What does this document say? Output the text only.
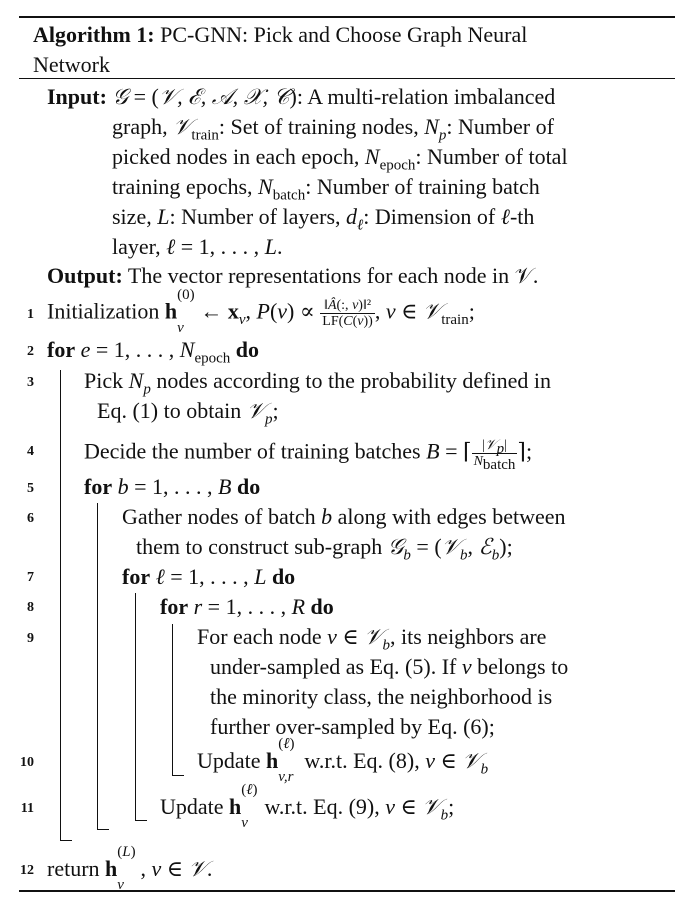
Algorithm 1: PC-GNN: Pick and Choose Graph Neural
Network
Input: 𝒢 = (𝒱, ℰ, 𝒜, 𝒳, 𝒞): A multi-relation imbalanced
graph, 𝒱$_{train}$: Set of training nodes, $N_p$: Number of
picked nodes in each epoch, $N_{epoch}$: Number of total
training epochs, $N_{batch}$: Number of training batch
size, L: Number of layers, $d_\ell$: Dimension of ℓ-th
layer, ℓ = 1, . . . , L.
Output: The vector representations for each node in 𝒱.
1
2
3
4
5
6
7
8
9
10
11
12
Initialization h
(0)
$_v$   ← $x_v$, $P(v) \propto \frac{\text{‖Â(:, v)‖²}}{LF(C(v))}$ , v ∈ 𝒱$_{train}$;
for e = 1, . . . , $N_{epoch}$ do
Pick $N_p$ nodes according to the probability defined in
Eq. (1) to obtain 𝒱$_p$;
Decide the number of training batches B = ⌈ $\frac{|𝒱_p|}{N_{batch}}$ ⌉;
for b = 1, . . . , B do
Gather nodes of batch b along with edges between
them to construct sub-graph 𝒢$_b$ = (𝒱$_b$, ℰ$_b$);
for ℓ = 1, . . . , L do
for r = 1, . . . , R do
For each node v ∈ 𝒱$_b$, its neighbors are
under-sampled as Eq. (5). If v belongs to
the minority class, the neighborhood is
further over-sampled by Eq. (6);
Update h
(ℓ)
$_{v,r}$  w.r.t. Eq. (8), v ∈ 𝒱$_b$
Update h
(ℓ)
$_v$   w.r.t. Eq. (9), v ∈ 𝒱$_b$;
return h
(L)
$_v$   , v ∈ 𝒱.
